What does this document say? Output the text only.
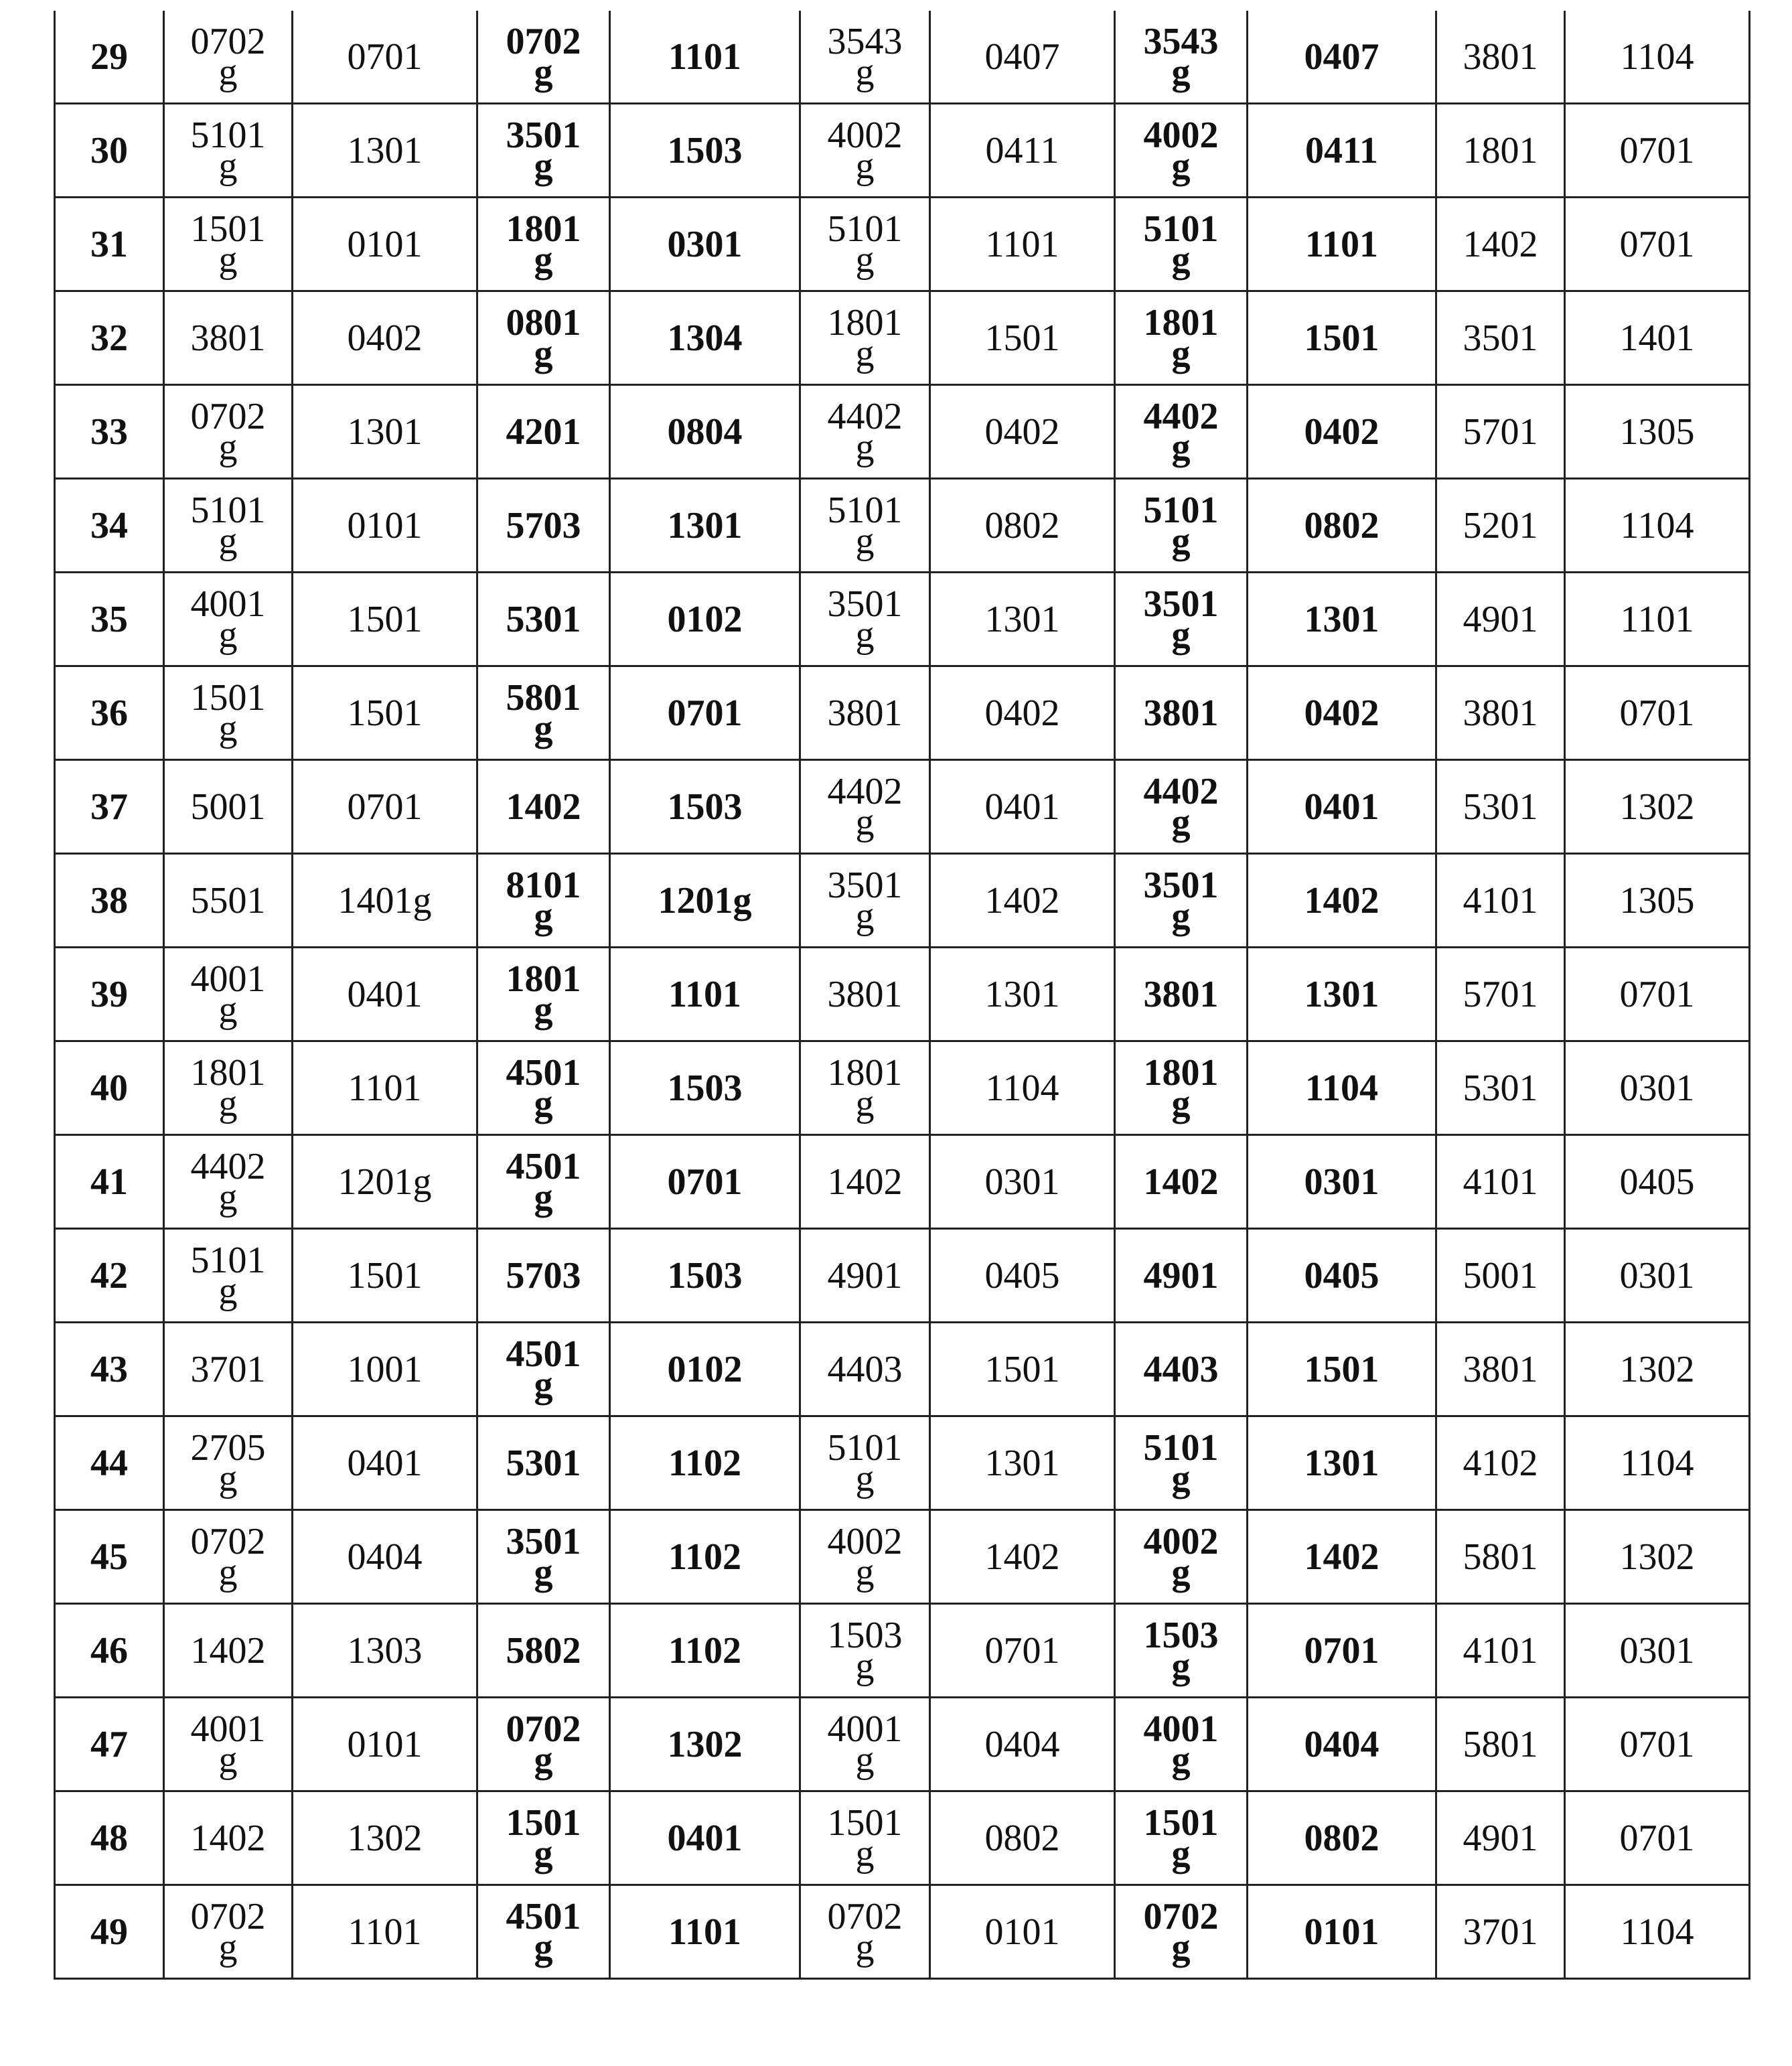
29	0702g	0701	0702g	1101	3543g	0407	3543g	0407	3801	1104
30	5101g	1301	3501g	1503	4002g	0411	4002g	0411	1801	0701
31	1501g	0101	1801g	0301	5101g	1101	5101g	1101	1402	0701
32	3801	0402	0801g	1304	1801g	1501	1801g	1501	3501	1401
33	0702g	1301	4201	0804	4402g	0402	4402g	0402	5701	1305
34	5101g	0101	5703	1301	5101g	0802	5101g	0802	5201	1104
35	4001g	1501	5301	0102	3501g	1301	3501g	1301	4901	1101
36	1501g	1501	5801g	0701	3801	0402	3801	0402	3801	0701
37	5001	0701	1402	1503	4402g	0401	4402g	0401	5301	1302
38	5501	1401g	8101g	1201g	3501g	1402	3501g	1402	4101	1305
39	4001g	0401	1801g	1101	3801	1301	3801	1301	5701	0701
40	1801g	1101	4501g	1503	1801g	1104	1801g	1104	5301	0301
41	4402g	1201g	4501g	0701	1402	0301	1402	0301	4101	0405
42	5101g	1501	5703	1503	4901	0405	4901	0405	5001	0301
43	3701	1001	4501g	0102	4403	1501	4403	1501	3801	1302
44	2705g	0401	5301	1102	5101g	1301	5101g	1301	4102	1104
45	0702g	0404	3501g	1102	4002g	1402	4002g	1402	5801	1302
46	1402	1303	5802	1102	1503g	0701	1503g	0701	4101	0301
47	4001g	0101	0702g	1302	4001g	0404	4001g	0404	5801	0701
48	1402	1302	1501g	0401	1501g	0802	1501g	0802	4901	0701
49	0702g	1101	4501g	1101	0702g	0101	0702g	0101	3701	1104
